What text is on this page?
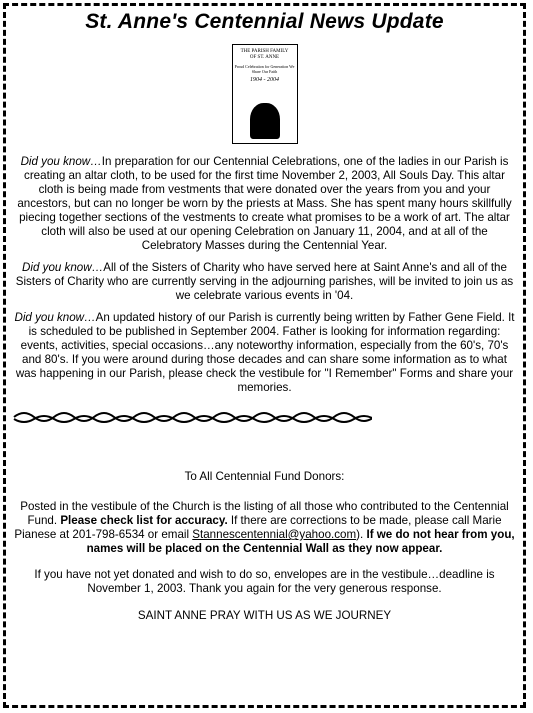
St. Anne's Centennial News Update
THE PARISH FAMILY
OF ST. ANNE
Proud Celebration for Generation We Share Our Faith
1904 - 2004

Did you know…In preparation for our Centennial Celebrations, one of the ladies in our Parish is creating an altar cloth, to be used for the first time November 2, 2003, All Souls Day. This altar cloth is being made from vestments that were donated over the years from you and your ancestors, but can no longer be worn by the priests at Mass. She has spent many hours skillfully piecing together sections of the vestments to create what promises to be a work of art. The altar cloth will also be used at our opening Celebration on January 11, 2004, and at all of the Celebratory Masses during the Centennial Year.

Did you know…All of the Sisters of Charity who have served here at Saint Anne's and all of the Sisters of Charity who are currently serving in the adjourning parishes, will be invited to join us as we celebrate various events in '04.

Did you know…An updated history of our Parish is currently being written by Father Gene Field. It is scheduled to be published in September 2004. Father is looking for information regarding: events, activities, special occasions…any noteworthy information, especially from the 60's, 70's and 80's. If you were around during those decades and can share some information as to what was happening in our Parish, please check the vestibule for "I Remember" Forms and share your memories.

To All Centennial Fund Donors:

Posted in the vestibule of the Church is the listing of all those who contributed to the Centennial Fund. Please check list for accuracy. If there are corrections to be made, please call Marie Pianese at 201-798-6534 or email Stannescentennial@yahoo.com). If we do not hear from you, names will be placed on the Centennial Wall as they now appear.

If you have not yet donated and wish to do so, envelopes are in the vestibule…deadline is November 1, 2003. Thank you again for the very generous response.

SAINT ANNE PRAY WITH US AS WE JOURNEY
